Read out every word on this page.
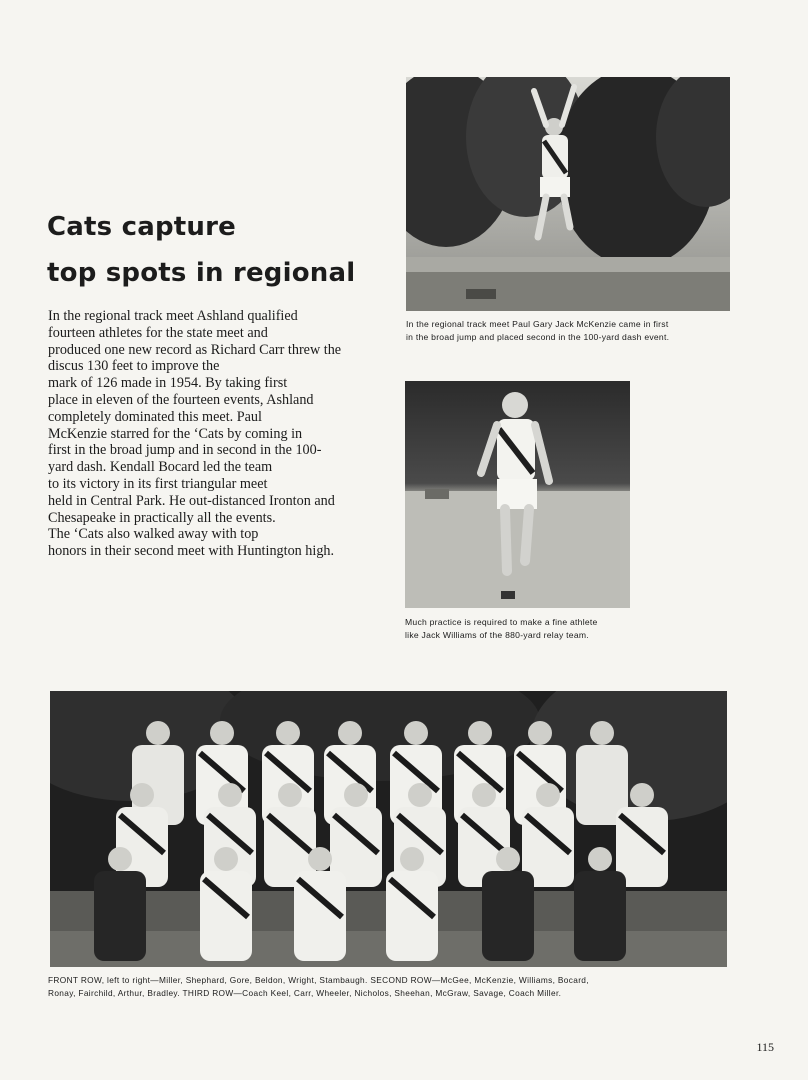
Cats capture
top spots in regional
In the regional track meet Ashland qualified
fourteen athletes for the state meet and
produced one new record as Richard Carr threw the
discus 130 feet to improve the
mark of 126 made in 1954. By taking first
place in eleven of the fourteen events, Ashland
completely dominated this meet. Paul
McKenzie starred for the ‘Cats by coming in
first in the broad jump and in second in the 100-
yard dash. Kendall Bocard led the team
to its victory in its first triangular meet
held in Central Park. He out-distanced Ironton and
Chesapeake in practically all the events.
The ‘Cats also walked away with top
honors in their second meet with Huntington high.
In the regional track meet Paul Gary Jack McKenzie came in first
in the broad jump and placed second in the 100-yard dash event.
Much practice is required to make a fine athlete
like Jack Williams of the 880-yard relay team.
FRONT ROW, left to right—Miller, Shephard, Gore, Beldon, Wright, Stambaugh. SECOND ROW—McGee, McKenzie, Williams, Bocard,
Ronay, Fairchild, Arthur, Bradley. THIRD ROW—Coach Keel, Carr, Wheeler, Nicholos, Sheehan, McGraw, Savage, Coach Miller.
115
